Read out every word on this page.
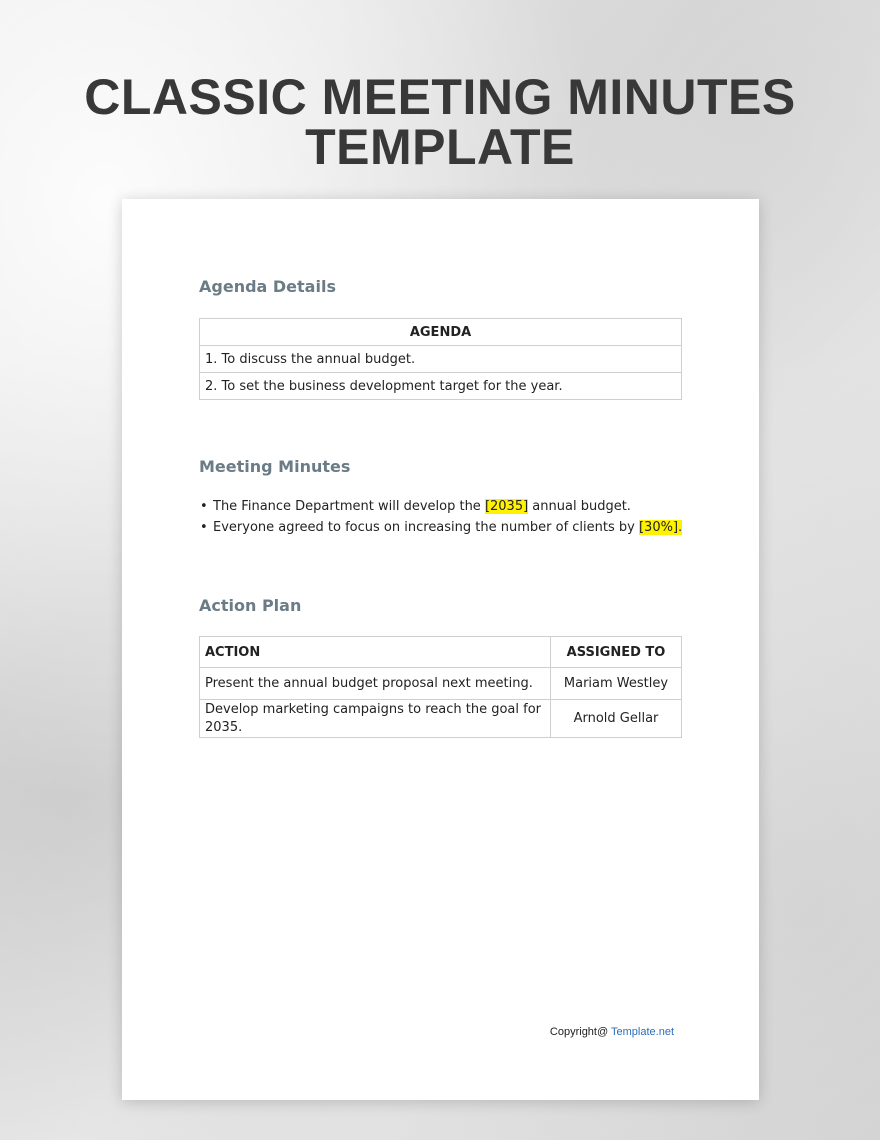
CLASSIC MEETING MINUTES
TEMPLATE
Agenda Details
AGENDA
1. To discuss the annual budget.
2. To set the business development target for the year.
Meeting Minutes
• The Finance Department will develop the [2035] annual budget.
• Everyone agreed to focus on increasing the number of clients by [30%].
Action Plan
ACTION	ASSIGNED TO
Present the annual budget proposal next meeting.	Mariam Westley
Develop marketing campaigns to reach the goal for 2035.	Arnold Gellar
Copyright@ Template.net
